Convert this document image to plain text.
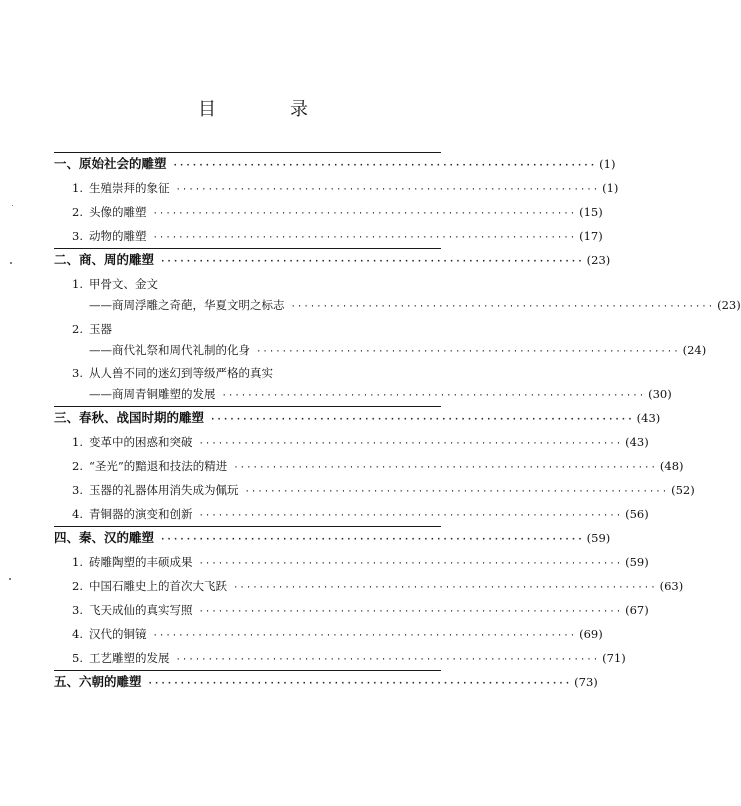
目　录
一、原始社会的雕塑 ·································································· (1)
1. 生殖崇拜的象征 ·································································· (1)
2. 头像的雕塑 ·································································· (15)
3. 动物的雕塑 ·································································· (17)
二、商、周的雕塑 ·································································· (23)
1. 甲骨文、金文
——商周浮雕之奇葩，华夏文明之标志 ·································································· (23)
2. 玉器
——商代礼祭和周代礼制的化身 ·································································· (24)
3. 从人兽不同的迷幻到等级严格的真实
——商周青铜雕塑的发展 ·································································· (30)
三、春秋、战国时期的雕塑 ·································································· (43)
1. 变革中的困惑和突破 ·································································· (43)
2. “圣光”的黯退和技法的精进 ·································································· (48)
3. 玉器的礼器体用消失成为佩玩 ·································································· (52)
4. 青铜器的演变和创新 ·································································· (56)
四、秦、汉的雕塑 ·································································· (59)
1. 砖雕陶塑的丰硕成果 ·································································· (59)
2. 中国石雕史上的首次大飞跃 ·································································· (63)
3. 飞天成仙的真实写照 ·································································· (67)
4. 汉代的铜镜 ·································································· (69)
5. 工艺雕塑的发展 ·································································· (71)
五、六朝的雕塑 ·································································· (73)
